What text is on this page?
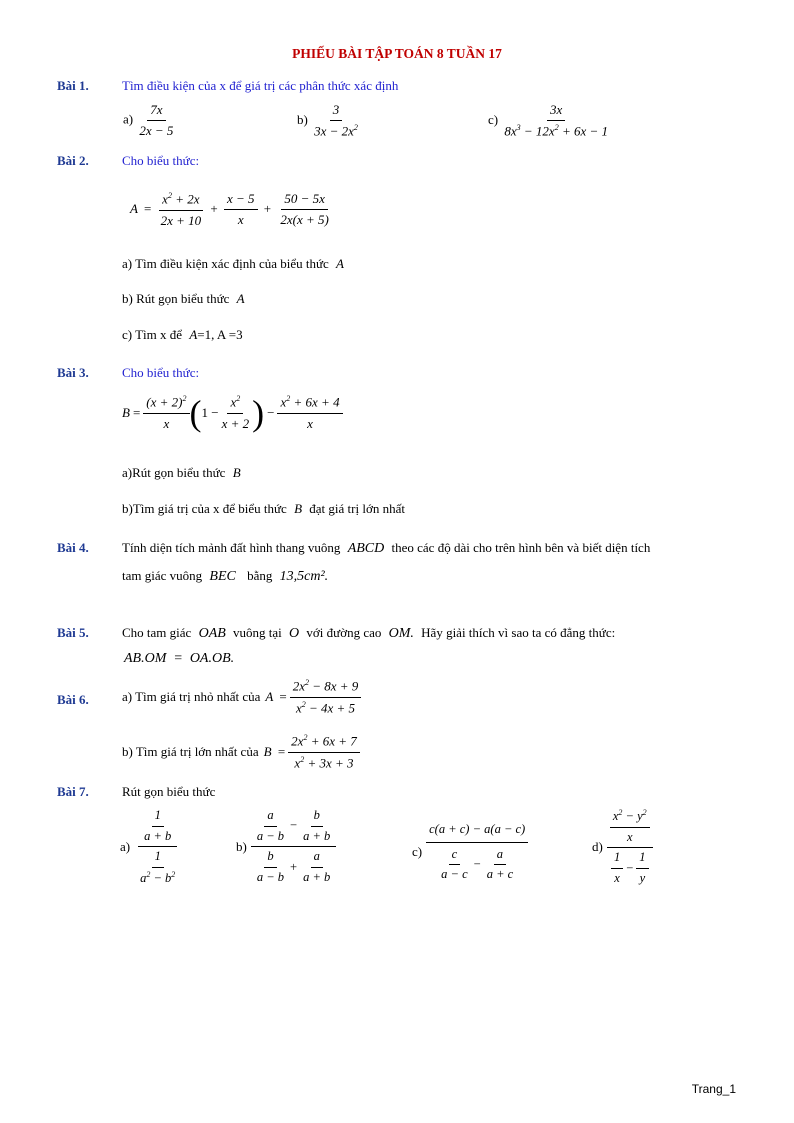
PHIẾU BÀI TẬP TOÁN 8 TUẦN 17
Bài 1.	Tìm điều kiện của x để giá trị các phân thức xác định
$a) \frac{7x}{2x - 5}$	$b) \frac{3}{3x - 2x^2}$	$c) \frac{3x}{8x^3 - 12x^2 + 6x - 1}$
Bài 2.	Cho biểu thức:
$A = \frac{x^2 + 2x}{2x + 10} + \frac{x - 5}{x} + \frac{50 - 5x}{2x(x + 5)}$
a) Tìm điều kiện xác định của biểu thức A
b) Rút gọn biểu thức A
c) Tìm x để A=1, A =3
Bài 3.	Cho biểu thức:
$B = \frac{(x + 2)^2}{x}$ ( $1 - \frac{x^2}{x + 2}$ ) − $\frac{x^2 + 6x + 4}{x}$
a)Rút gọn biểu thức B
b)Tìm giá trị của x để biểu thức B đạt giá trị lớn nhất
Bài 4.	Tính diện tích mảnh đất hình thang vuông ABCD theo các độ dài cho trên hình bên và biết diện tích
tam giác vuông BEC bằng 13,5cm².
Bài 5.	Cho tam giác OAB vuông tại O với đường cao OM. Hãy giải thích vì sao ta có đẳng thức:
AB.OM  =  OA.OB.
Bài 6.	a) Tìm giá trị nhỏ nhất của $A = \frac{2x^2 - 8x + 9}{x^2 - 4x + 5}$
b) Tìm giá trị lớn nhất của $B = \frac{2x^2 + 6x + 7}{x^2 + 3x + 3}$
Bài 7.	Rút gọn biểu thức
$a) \frac{\frac{1}{a + b}}{\frac{1}{a^2 - b^2}}$	$b) \frac{\frac{a}{a - b} - \frac{b}{a + b}}{\frac{b}{a - b} + \frac{a}{a + b}}$	$c) \frac{c(a + c) - a(a - c)}{\frac{c}{a - c} - \frac{a}{a + c}}$	$d) \frac{\frac{x^2 - y^2}{x}}{\frac{1}{x} - \frac{1}{y}}$
Trang_1
